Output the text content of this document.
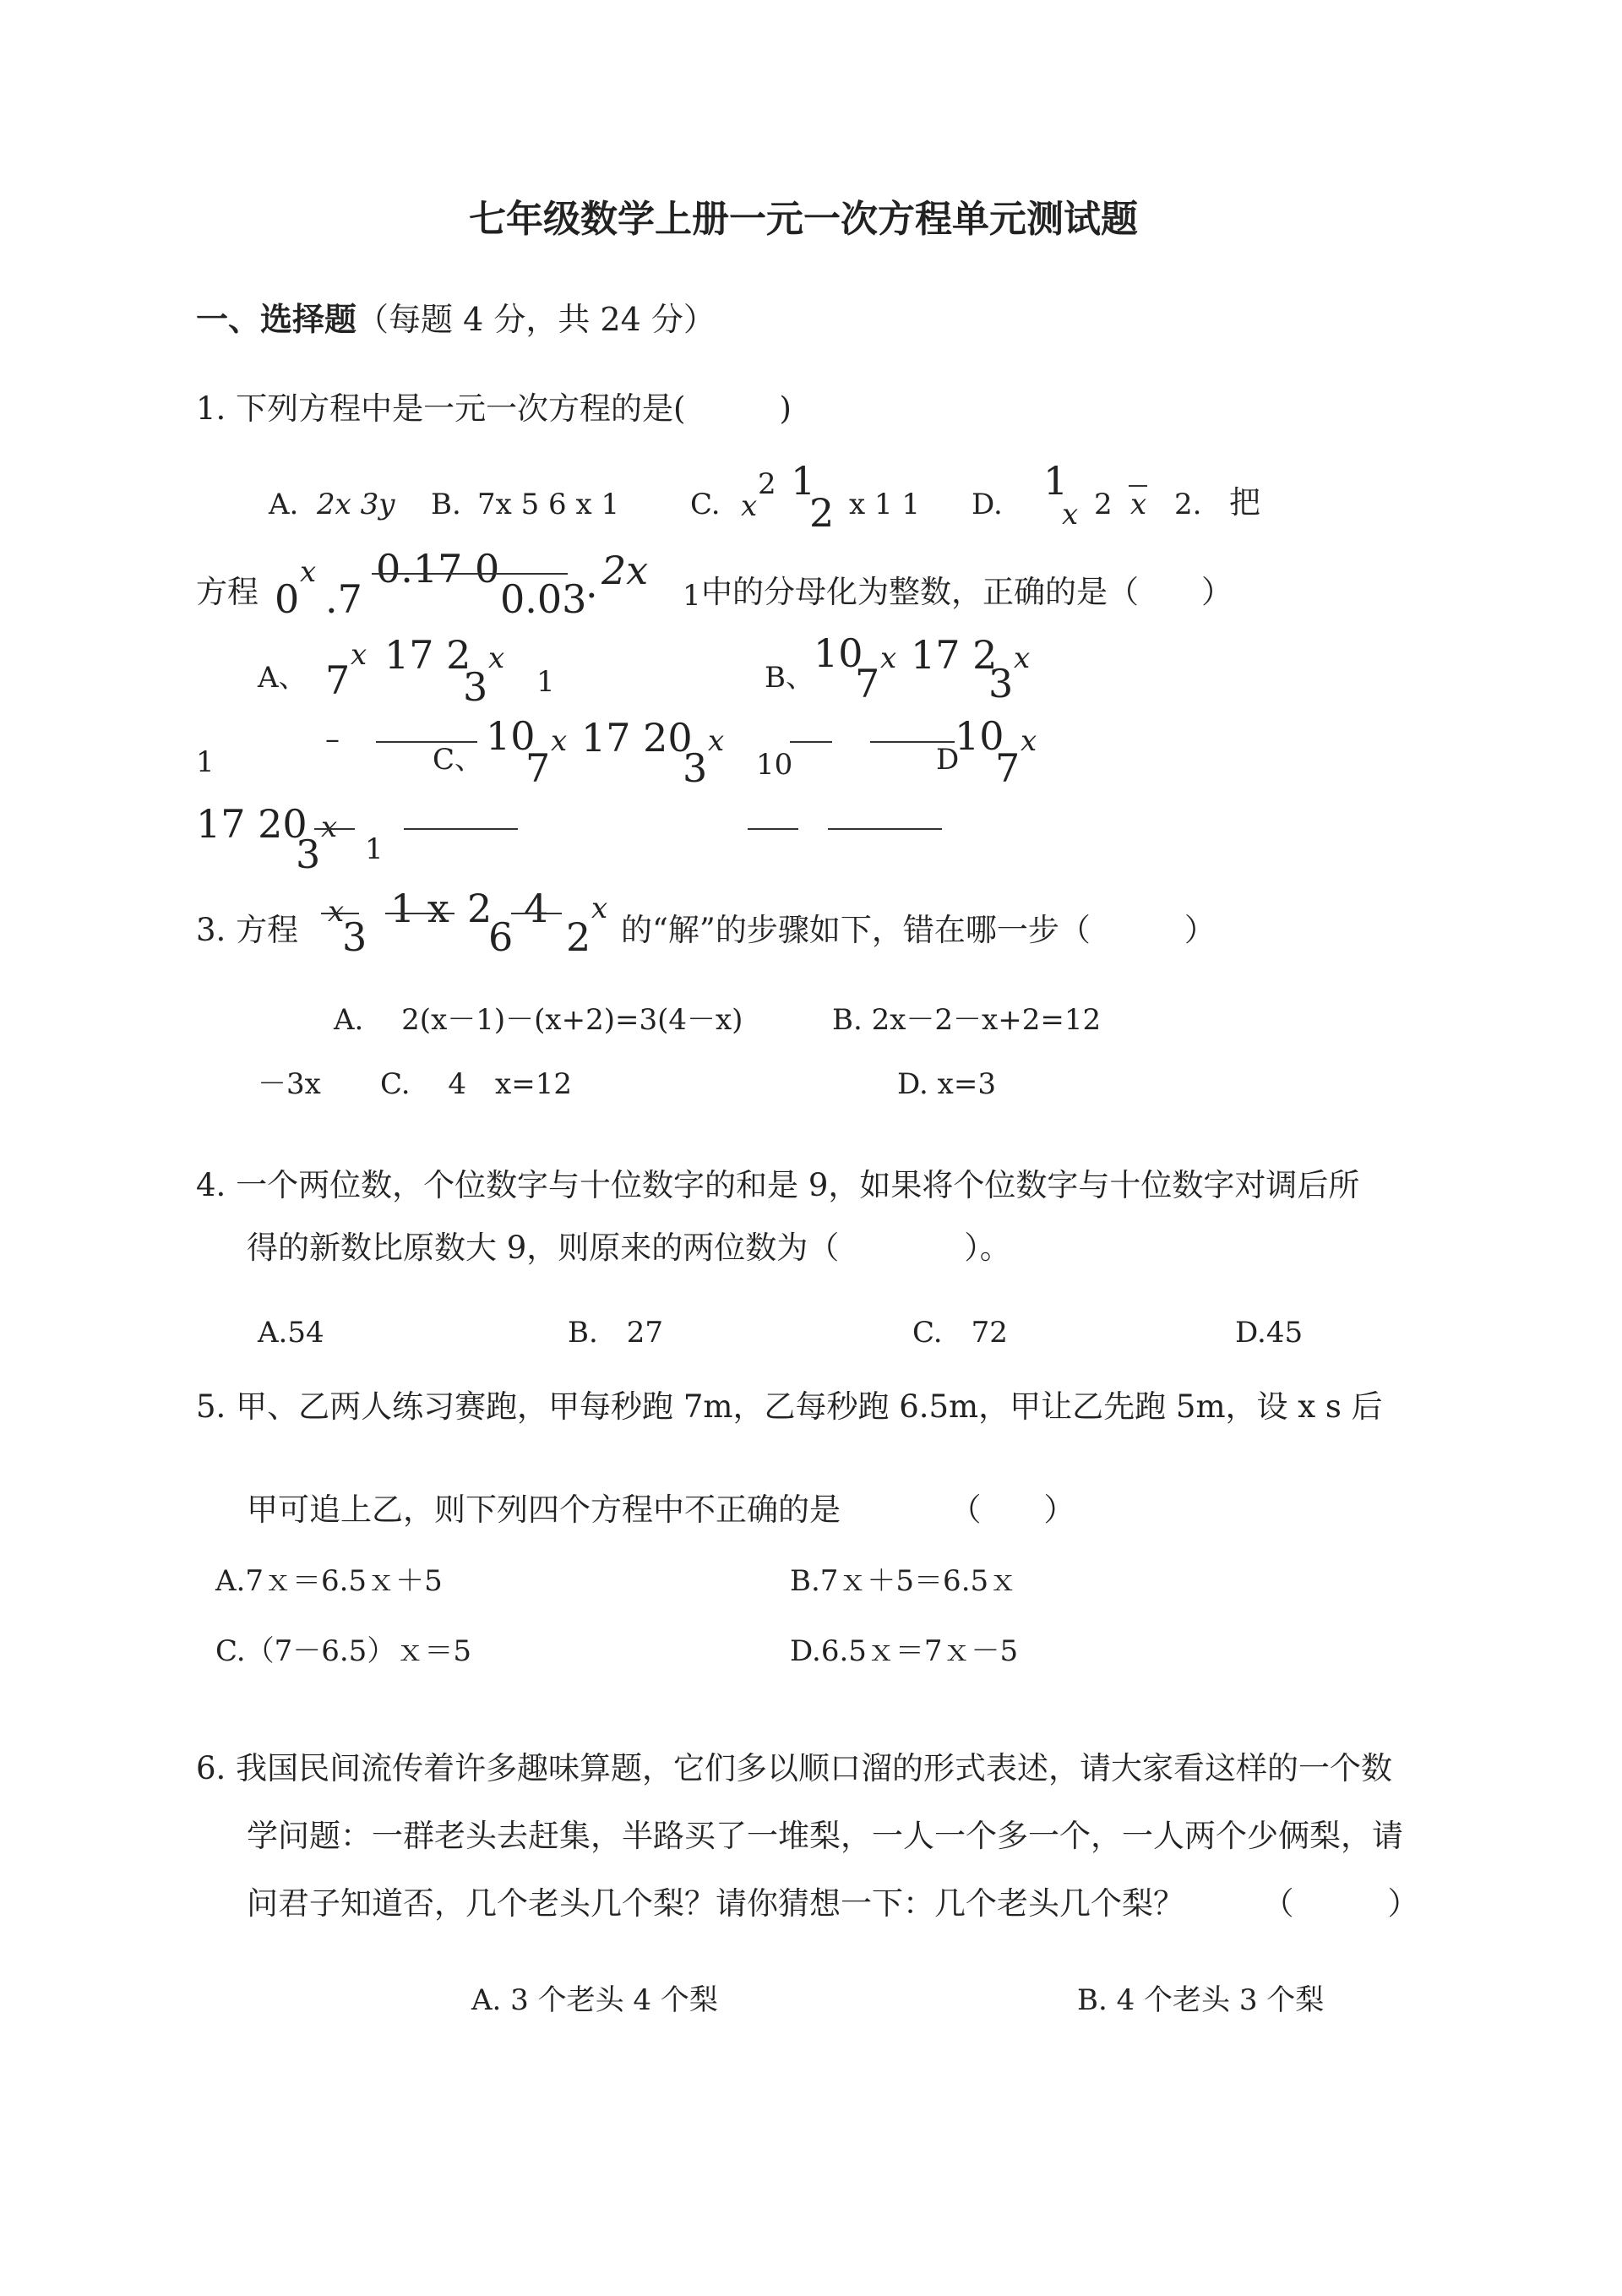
七年级数学上册一元一次方程单元测试题
一、选择题（每题 4 分，共 24 分）
1. 下列方程中是一元一次方程的是(　　　)
A. 2x 3y B. 7x 5 6 x 1 C. x
2 1
2 x 1 1 D.
1
x 2 x 2. 把
方程 0
x
.7
0.17 0
0.03
. 2x
1 中的分母化为整数，正确的是（　　）
A、 7
x 17 2
3
x
1	B、
10
7
x 17 2
3
x
1
–
C、
10
7
x 17 20
3
x
10	D
10
7
x
17 20
3
x
1
3. 方程 x
3
1 x 2
6
4
2
x
的“解”的步骤如下，错在哪一步（　　　）
A.　 2(x－1)－(x+2)=3(4－x)	B. 2x－2－x+2=12
－3x C.　 4　x=12	D. x=3
4. 一个两位数，个位数字与十位数字的和是 9，如果将个位数字与十位数字对调后所
得的新数比原数大 9，则原来的两位数为（　　　　）。
A.54	B.　27	C.　72	D.45
5. 甲、乙两人练习赛跑，甲每秒跑 7m，乙每秒跑 6.5m，甲让乙先跑 5m，设 x s 后
甲可追上乙，则下列四个方程中不正确的是　　　　（　　）
A.7ｘ＝6.5ｘ＋5	B.7ｘ＋5＝6.5ｘ
C.（7－6.5）ｘ＝5	D.6.5ｘ＝7ｘ－5
6. 我国民间流传着许多趣味算题，它们多以顺口溜的形式表述，请大家看这样的一个数
学问题：一群老头去赶集，半路买了一堆梨，一人一个多一个，一人两个少俩梨，请
问君子知道否，几个老头几个梨？请你猜想一下：几个老头几个梨？　　　（　　　）
A. 3 个老头 4 个梨	B. 4 个老头 3 个梨
